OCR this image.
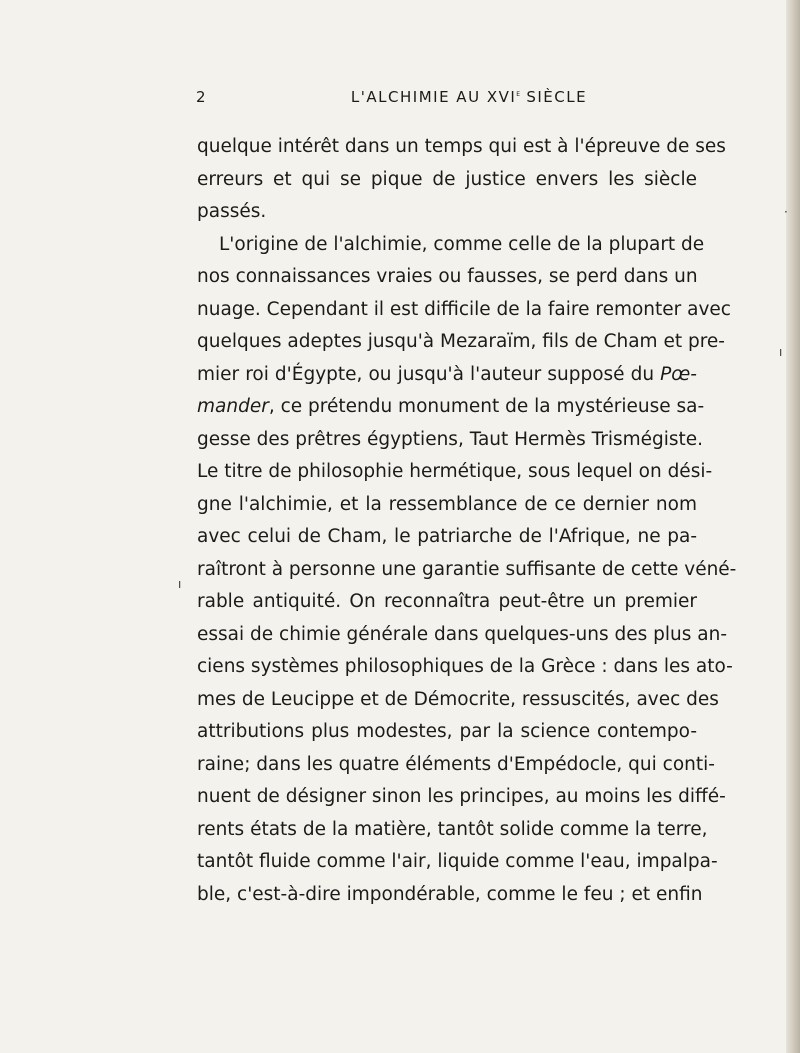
2	L'ALCHIMIE AU XVIe SIÈCLE
quelque intérêt dans un temps qui est à l'épreuve de ses
erreurs et qui se pique de justice envers les siècle
passés.
L'origine de l'alchimie, comme celle de la plupart de
nos connaissances vraies ou fausses, se perd dans un
nuage. Cependant il est difficile de la faire remonter avec
quelques adeptes jusqu'à Mezaraïm, fils de Cham et pre-
mier roi d'Égypte, ou jusqu'à l'auteur supposé du Pœ-
mander, ce prétendu monument de la mystérieuse sa-
gesse des prêtres égyptiens, Taut Hermès Trismégiste.
Le titre de philosophie hermétique, sous lequel on dési-
gne l'alchimie, et la ressemblance de ce dernier nom
avec celui de Cham, le patriarche de l'Afrique, ne pa-
raîtront à personne une garantie suffisante de cette véné-
rable antiquité. On reconnaîtra peut-être un premier
essai de chimie générale dans quelques-uns des plus an-
ciens systèmes philosophiques de la Grèce : dans les ato-
mes de Leucippe et de Démocrite, ressuscités, avec des
attributions plus modestes, par la science contempo-
raine; dans les quatre éléments d'Empédocle, qui conti-
nuent de désigner sinon les principes, au moins les diffé-
rents états de la matière, tantôt solide comme la terre,
tantôt fluide comme l'air, liquide comme l'eau, impalpa-
ble, c'est-à-dire impondérable, comme le feu ; et enfin
ı
·
ı
